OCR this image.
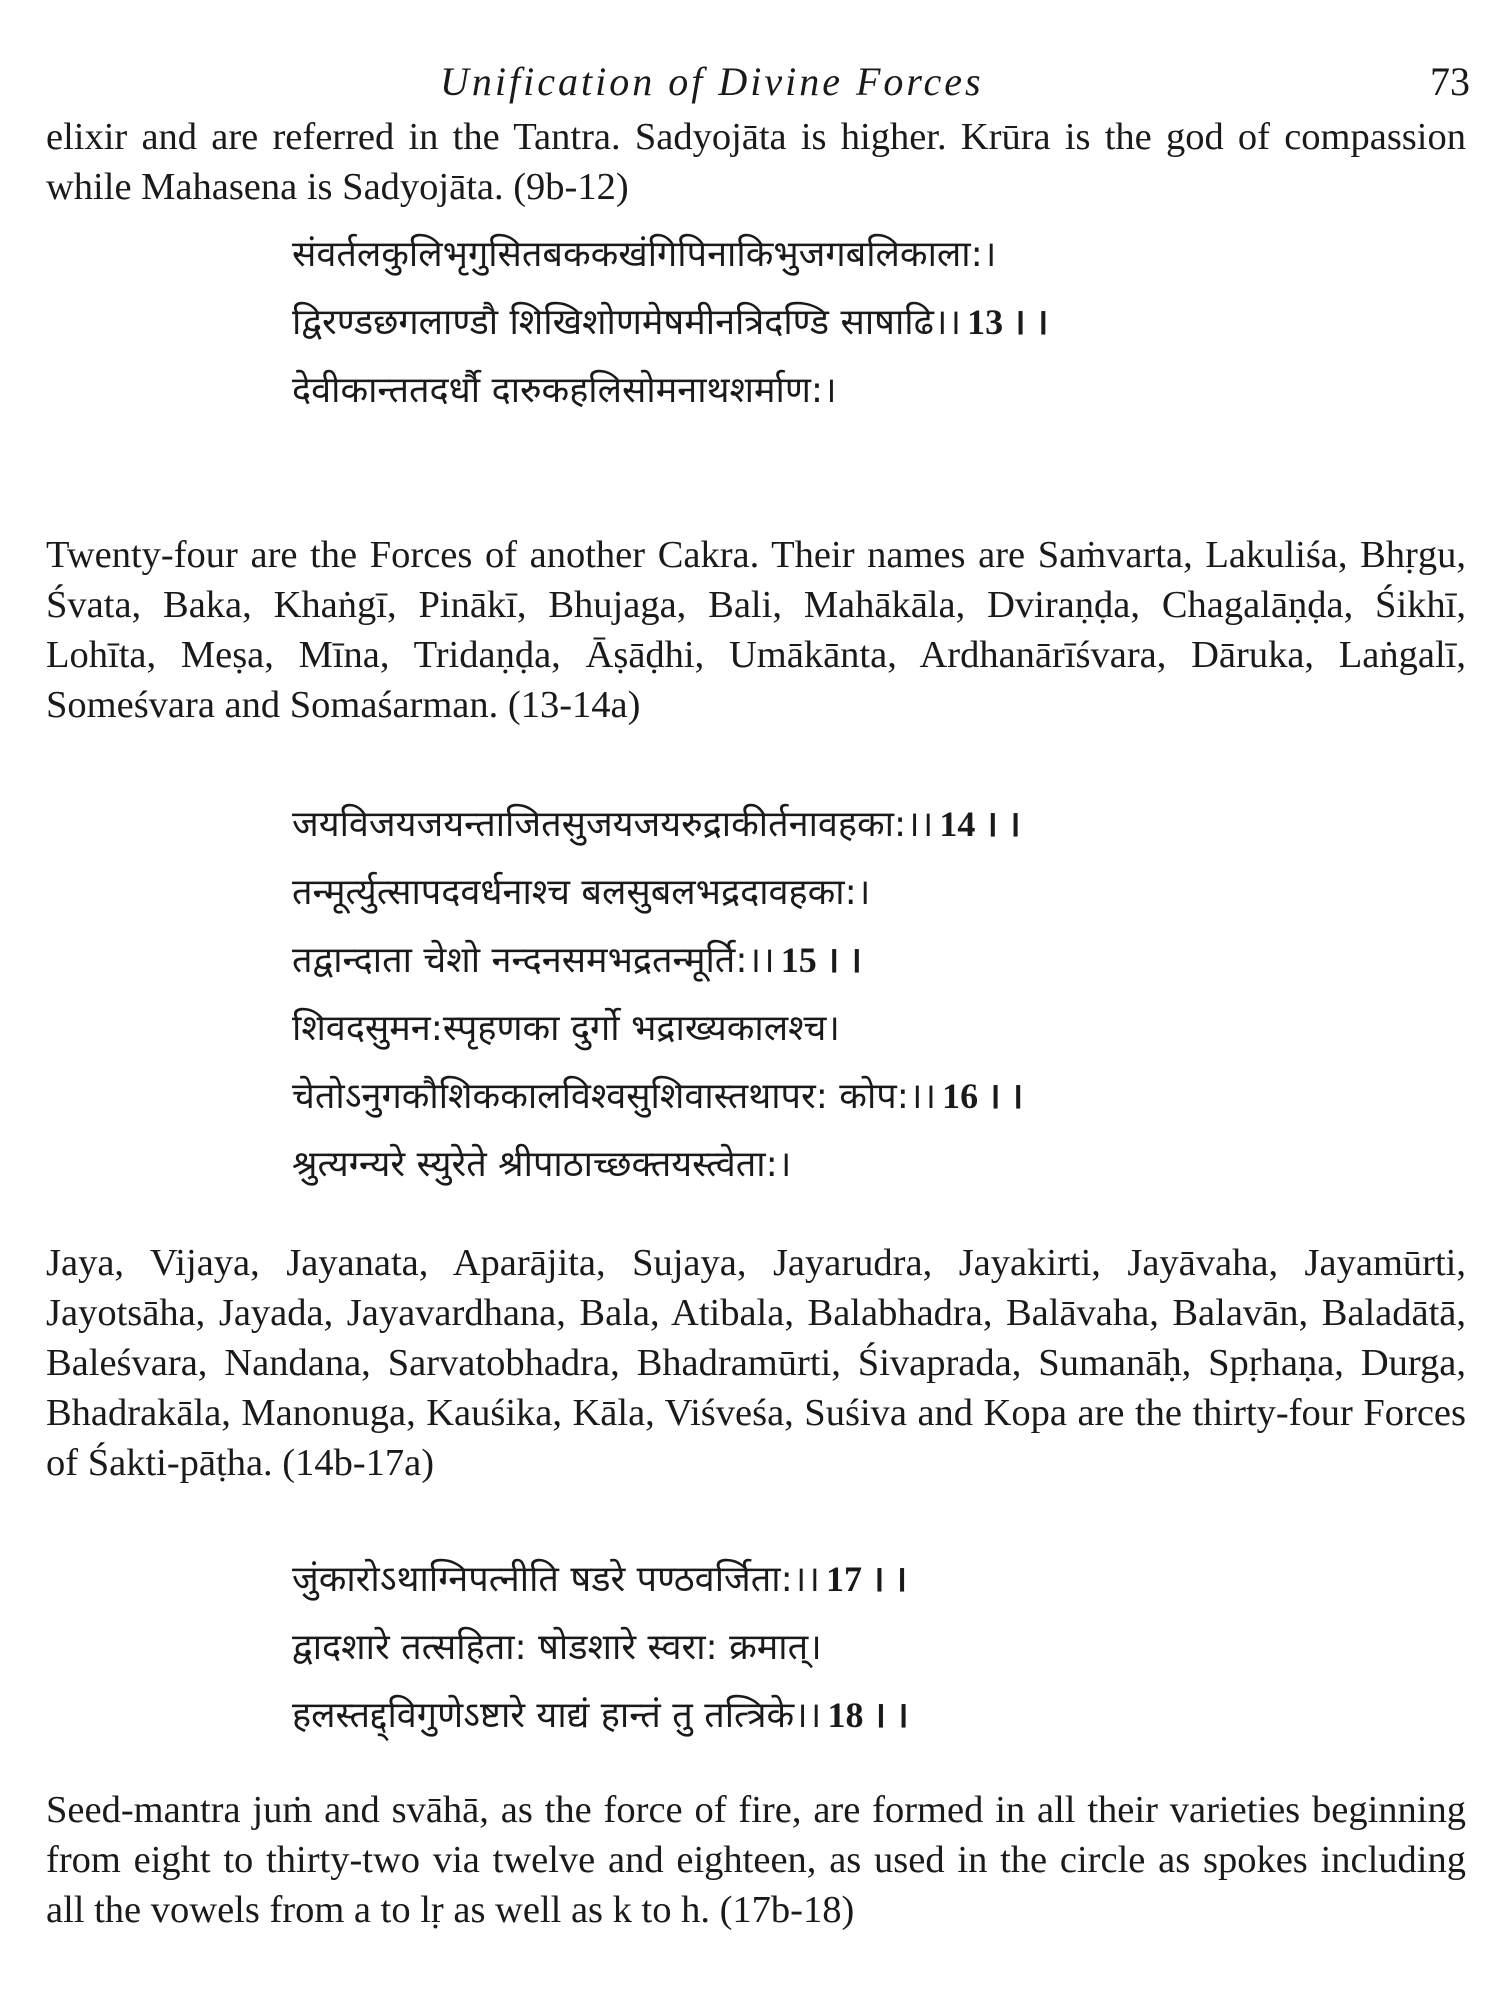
Unification of Divine Forces	73

elixir and are referred in the Tantra. Sadyojāta is higher. Krūra is the god of compassion while Mahasena is Sadyojāta. (9b-12)

संवर्तलकुलिभृगुसितबककखंगिपिनाकिभुजगबलिकाला:।
द्विरण्डछगलाण्डौ शिखिशोणमेषमीनत्रिदण्डि साषाढि।। 13 । ।
देवीकान्ततदर्धौ दारुकहलिसोमनाथशर्माण:।

Twenty-four are the Forces of another Cakra. Their names are Saṁvarta, Lakuliśa, Bhṛgu, Śvata, Baka, Khaṅgī, Pinākī, Bhujaga, Bali, Mahākāla, Dviraṇḍa, Chagalāṇḍa, Śikhī, Lohīta, Meṣa, Mīna, Tridaṇḍa, Āṣāḍhi, Umākānta, Ardhanārīśvara, Dāruka, Laṅgalī, Someśvara and Somaśarman. (13-14a)

जयविजयजयन्ताजितसुजयजयरुद्राकीर्तनावहका:।। 14 । ।
तन्मूर्त्युत्सापदवर्धनाश्च बलसुबलभद्रदावहका:।
तद्वान्दाता चेशो नन्दनसमभद्रतन्मूर्ति:।। 15 । ।
शिवदसुमन:स्पृहणका दुर्गो भद्राख्यकालश्च।
चेतोऽनुगकौशिककालविश्वसुशिवास्तथापर: कोप:।। 16 । ।
श्रुत्यग्न्यरे स्युरेते श्रीपाठाच्छक्तयस्त्वेता:।

Jaya, Vijaya, Jayanata, Aparājita, Sujaya, Jayarudra, Jayakirti, Jayāvaha, Jayamūrti, Jayotsāha, Jayada, Jayavardhana, Bala, Atibala, Balabhadra, Balāvaha, Balavān, Baladātā, Baleśvara, Nandana, Sarvatobhadra, Bhadramūrti, Śivaprada, Sumanāḥ, Spṛhaṇa, Durga, Bhadrakāla, Manonuga, Kauśika, Kāla, Viśveśa, Suśiva and Kopa are the thirty-four Forces of Śakti-pāṭha. (14b-17a)

जुंकारोऽथाग्निपत्नीति षडरे पण्ठवर्जिता:।। 17 । ।
द्वादशारे तत्सहिता: षोडशारे स्वरा: क्रमात्।
हलस्तद्द्विगुणेऽष्टारे याद्यं हान्तं तु तत्त्रिके।। 18 । ।

Seed-mantra juṁ and svāhā, as the force of fire, are formed in all their varieties beginning from eight to thirty-two via twelve and eighteen, as used in the circle as spokes including all the vowels from a to lṛ as well as k to h. (17b-18)
